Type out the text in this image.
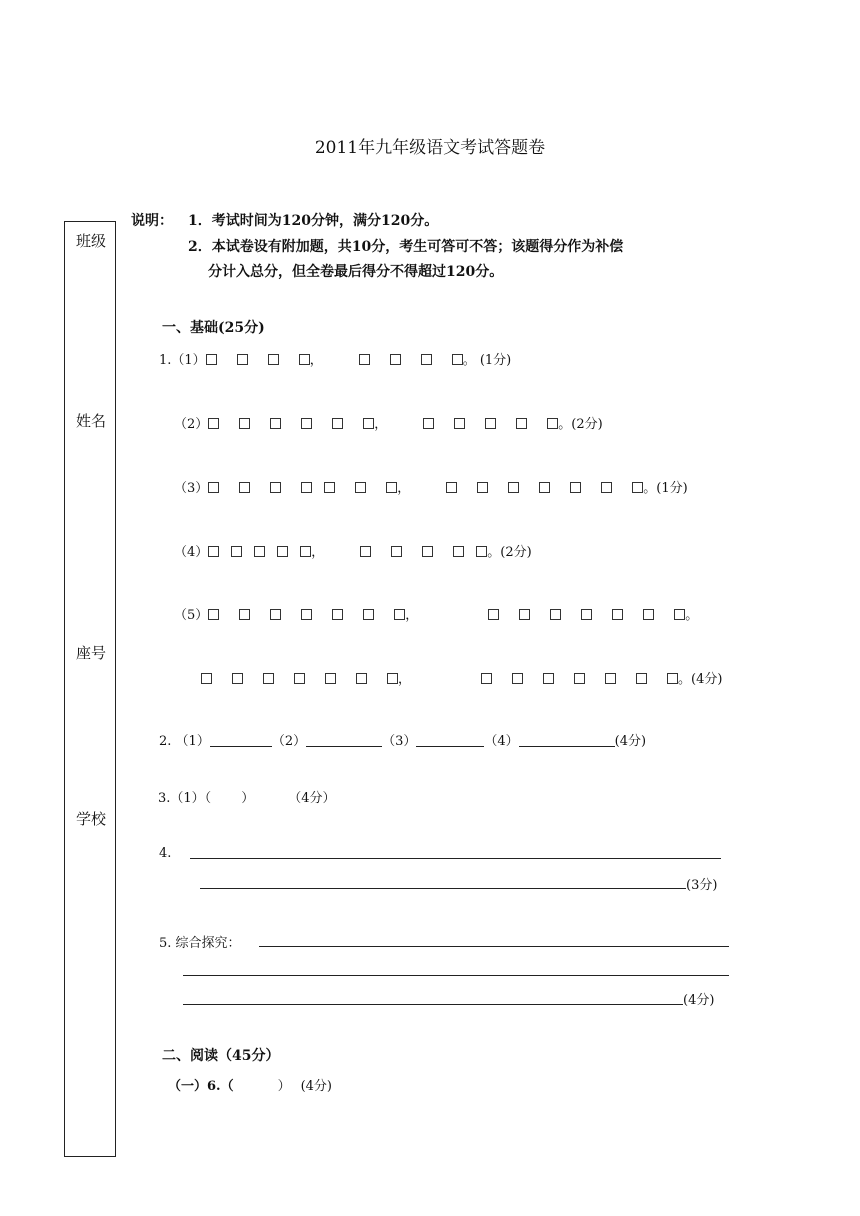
2011年九年级语文考试答题卷
班级
姓名
座号
学校
说明： 1．考试时间为120分钟，满分120分。
2．本试卷设有附加题，共10分，考生可答可不答；该题得分作为补偿
分计入总分，但全卷最后得分不得超过120分。
一、基础(25分)
1.（1）	，	。 (1分)
（2）	，	。(2分)
（3）	，	。(1分)
（4）	，	。(2分)
（5）	，	。
，	。(4分)
2. （1）	（2）	（3）	（4）	(4分)
3.（1）（ ）	（4分）
4.
(3分)
5. 综合探究：
(4分)
二、阅读（45分）
（一）6.（	） (4分)
